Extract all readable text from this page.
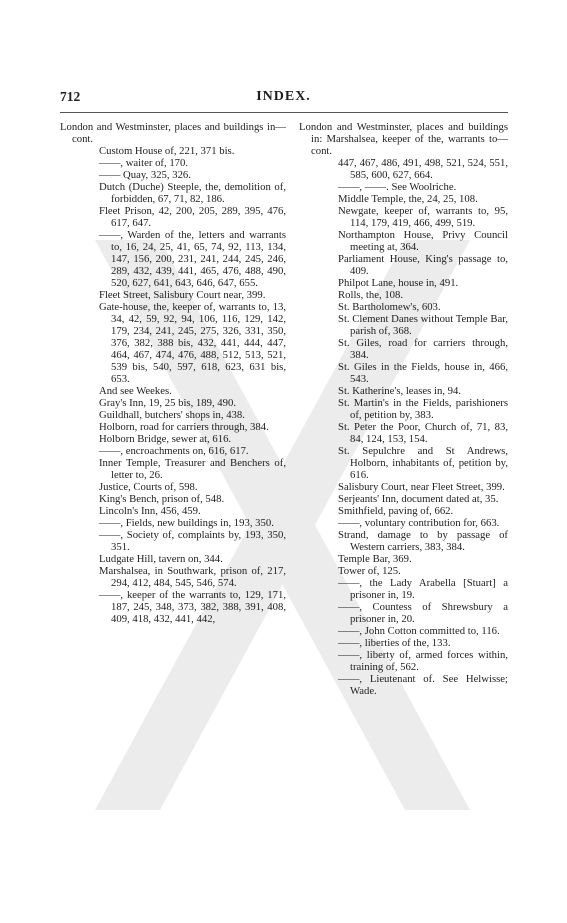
712	INDEX.
London and Westminster, places and buildings in—cont.
Custom House of, 221, 371 bis.
——, waiter of, 170.
—— Quay, 325, 326.
Dutch (Duche) Steeple, the, demolition of, forbidden, 67, 71, 82, 186.
Fleet Prison, 42, 200, 205, 289, 395, 476, 617, 647.
——, Warden of the, letters and warrants to, 16, 24, 25, 41, 65, 74, 92, 113, 134, 147, 156, 200, 231, 241, 244, 245, 246, 289, 432, 439, 441, 465, 476, 488, 490, 520, 627, 641, 643, 646, 647, 655.
Fleet Street, Salisbury Court near, 399.
Gate-house, the, keeper of, warrants to, 13, 34, 42, 59, 92, 94, 106, 116, 129, 142, 179, 234, 241, 245, 275, 326, 331, 350, 376, 382, 388 bis, 432, 441, 444, 447, 464, 467, 474, 476, 488, 512, 513, 521, 539 bis, 540, 597, 618, 623, 631 bis, 653.
And see Weekes.
Gray's Inn, 19, 25 bis, 189, 490.
Guildhall, butchers' shops in, 438.
Holborn, road for carriers through, 384.
Holborn Bridge, sewer at, 616.
——, encroachments on, 616, 617.
Inner Temple, Treasurer and Benchers of, letter to, 26.
Justice, Courts of, 598.
King's Bench, prison of, 548.
Lincoln's Inn, 456, 459.
——, Fields, new buildings in, 193, 350.
——, Society of, complaints by, 193, 350, 351.
Ludgate Hill, tavern on, 344.
Marshalsea, in Southwark, prison of, 217, 294, 412, 484, 545, 546, 574.
——, keeper of the warrants to, 129, 171, 187, 245, 348, 373, 382, 388, 391, 408, 409, 418, 432, 441, 442,
London and Westminster, places and buildings in: Marshalsea, keeper of the, warrants to—cont.
447, 467, 486, 491, 498, 521, 524, 551, 585, 600, 627, 664.
——, ——. See Woolriche.
Middle Temple, the, 24, 25, 108.
Newgate, keeper of, warrants to, 95, 114, 179, 419, 466, 499, 519.
Northampton House, Privy Council meeting at, 364.
Parliament House, King's passage to, 409.
Philpot Lane, house in, 491.
Rolls, the, 108.
St. Bartholomew's, 603.
St. Clement Danes without Temple Bar, parish of, 368.
St. Giles, road for carriers through, 384.
St. Giles in the Fields, house in, 466, 543.
St. Katherine's, leases in, 94.
St. Martin's in the Fields, parishioners of, petition by, 383.
St. Peter the Poor, Church of, 71, 83, 84, 124, 153, 154.
St. Sepulchre and St Andrews, Holborn, inhabitants of, petition by, 616.
Salisbury Court, near Fleet Street, 399.
Serjeants' Inn, document dated at, 35.
Smithfield, paving of, 662.
——, voluntary contribution for, 663.
Strand, damage to by passage of Western carriers, 383, 384.
Temple Bar, 369.
Tower of, 125.
——, the Lady Arabella [Stuart] a prisoner in, 19.
——, Countess of Shrewsbury a prisoner in, 20.
——, John Cotton committed to, 116.
——, liberties of the, 133.
——, liberty of, armed forces within, training of, 562.
——, Lieutenant of. See Helwisse; Wade.
